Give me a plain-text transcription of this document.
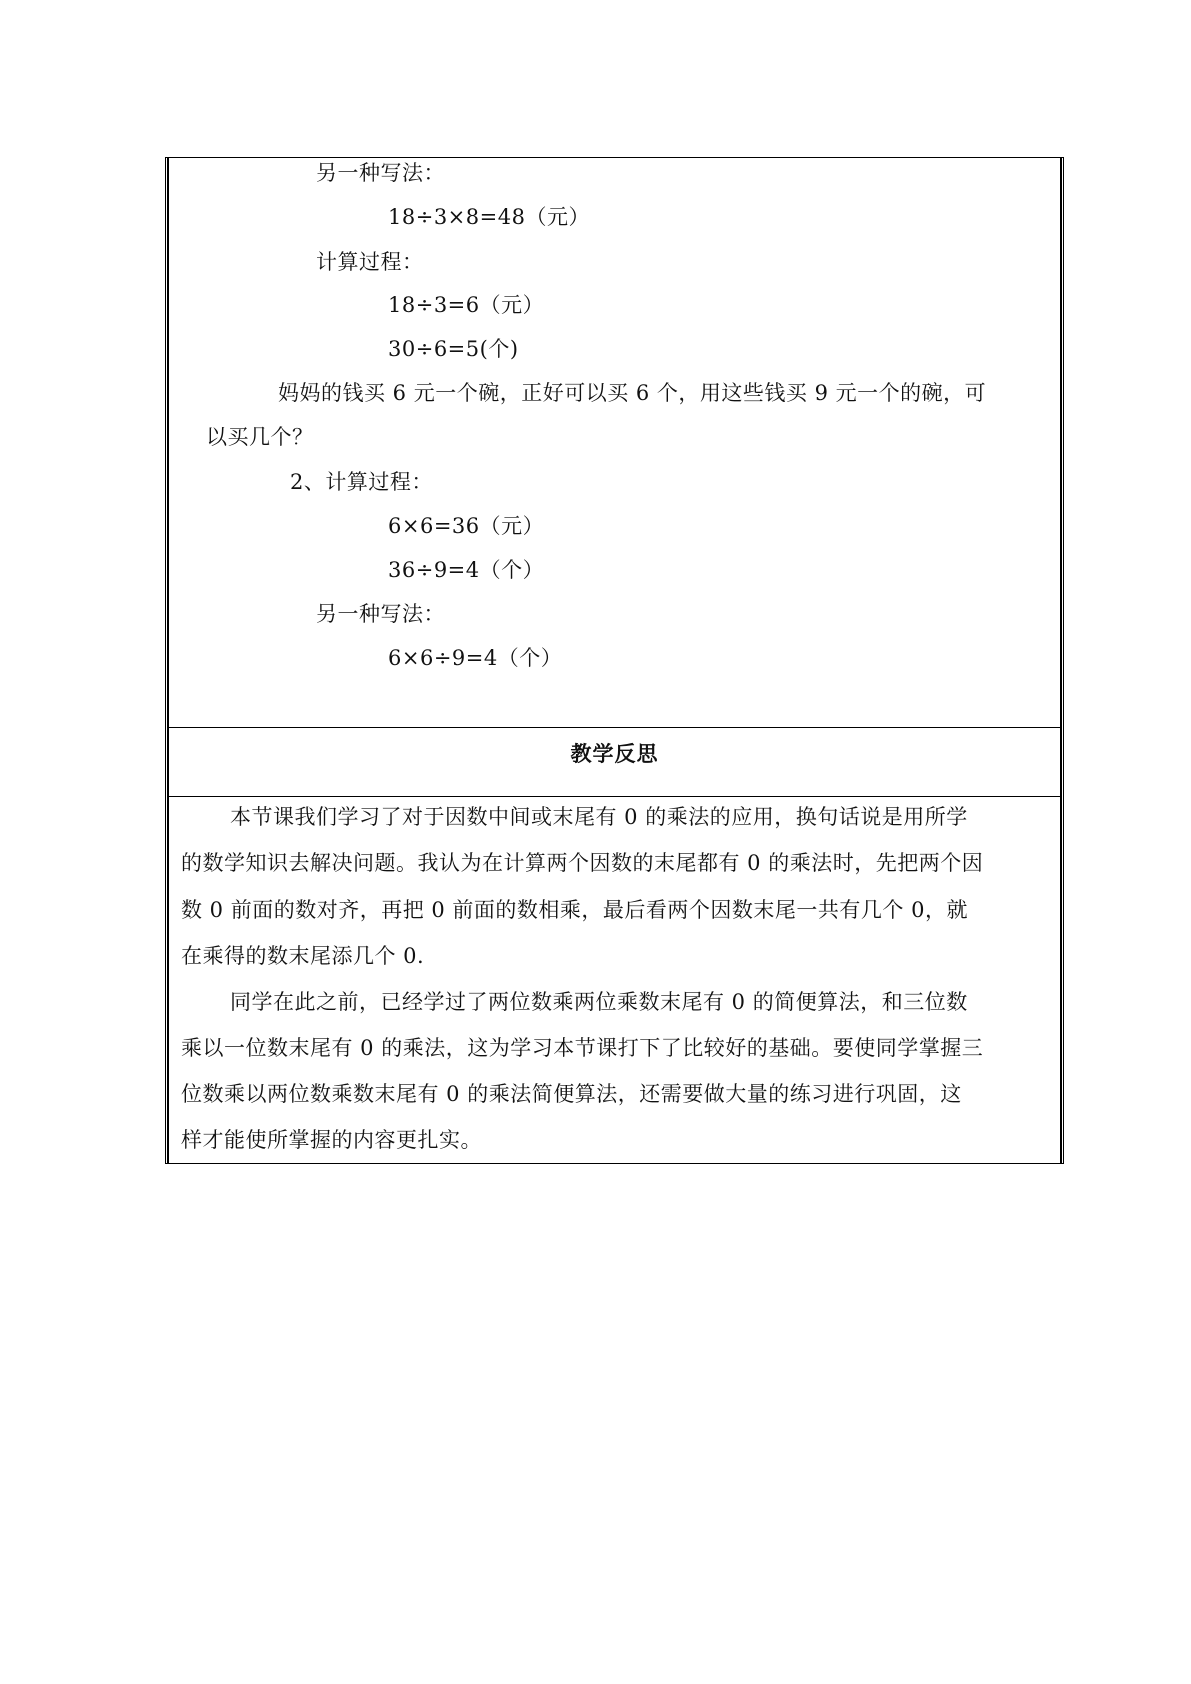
另一种写法：
18÷3×8=48（元）
计算过程：
18÷3=6（元）
30÷6=5(个)
妈妈的钱买 6 元一个碗，正好可以买 6 个，用这些钱买 9 元一个的碗，可
以买几个？
2、计算过程：
6×6=36（元）
36÷9=4（个）
另一种写法：
6×6÷9=4（个）
教学反思
本节课我们学习了对于因数中间或末尾有 0 的乘法的应用，换句话说是用所学
的数学知识去解决问题。我认为在计算两个因数的末尾都有 0 的乘法时，先把两个因
数 0 前面的数对齐，再把 0 前面的数相乘，最后看两个因数末尾一共有几个 0，就
在乘得的数末尾添几个 0.
同学在此之前，已经学过了两位数乘两位乘数末尾有 0 的简便算法，和三位数
乘以一位数末尾有 0 的乘法，这为学习本节课打下了比较好的基础。要使同学掌握三
位数乘以两位数乘数末尾有 0 的乘法简便算法，还需要做大量的练习进行巩固，这
样才能使所掌握的内容更扎实。
